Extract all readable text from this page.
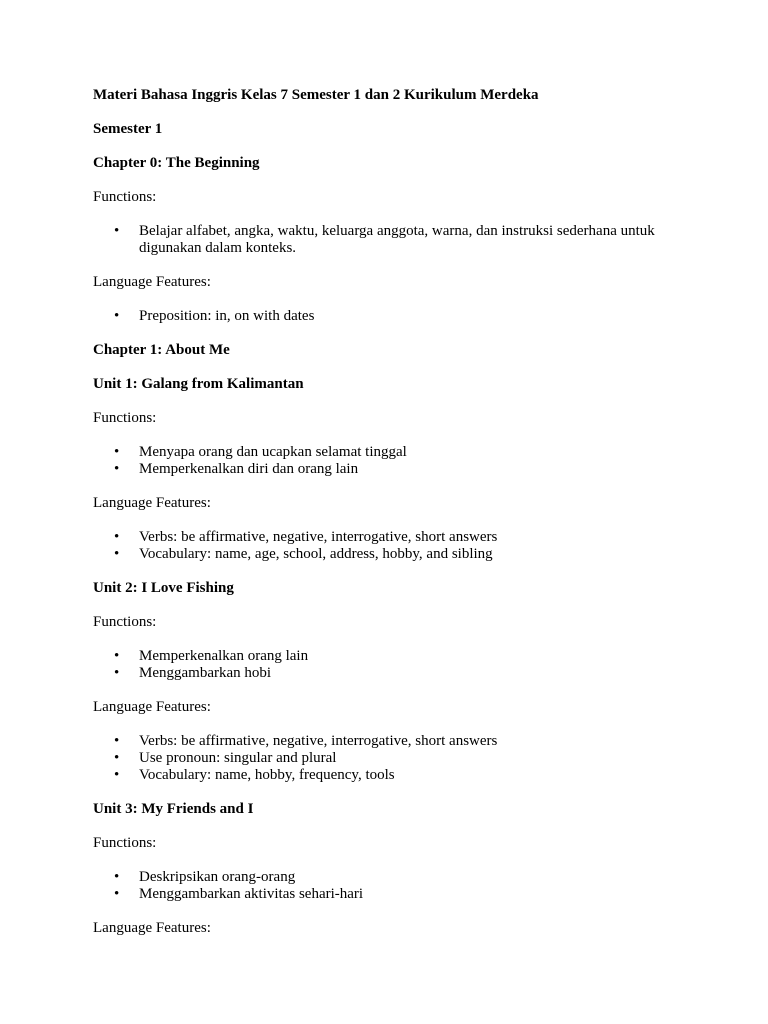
Materi Bahasa Inggris Kelas 7 Semester 1 dan 2 Kurikulum Merdeka
Semester 1
Chapter 0: The Beginning
Functions:
• Belajar alfabet, angka, waktu, keluarga anggota, warna, dan instruksi sederhana untuk digunakan dalam konteks.
Language Features:
• Preposition: in, on with dates
Chapter 1: About Me
Unit 1: Galang from Kalimantan
Functions:
• Menyapa orang dan ucapkan selamat tinggal
• Memperkenalkan diri dan orang lain
Language Features:
• Verbs: be affirmative, negative, interrogative, short answers
• Vocabulary: name, age, school, address, hobby, and sibling
Unit 2: I Love Fishing
Functions:
• Memperkenalkan orang lain
• Menggambarkan hobi
Language Features:
• Verbs: be affirmative, negative, interrogative, short answers
• Use pronoun: singular and plural
• Vocabulary: name, hobby, frequency, tools
Unit 3: My Friends and I
Functions:
• Deskripsikan orang-orang
• Menggambarkan aktivitas sehari-hari
Language Features:
